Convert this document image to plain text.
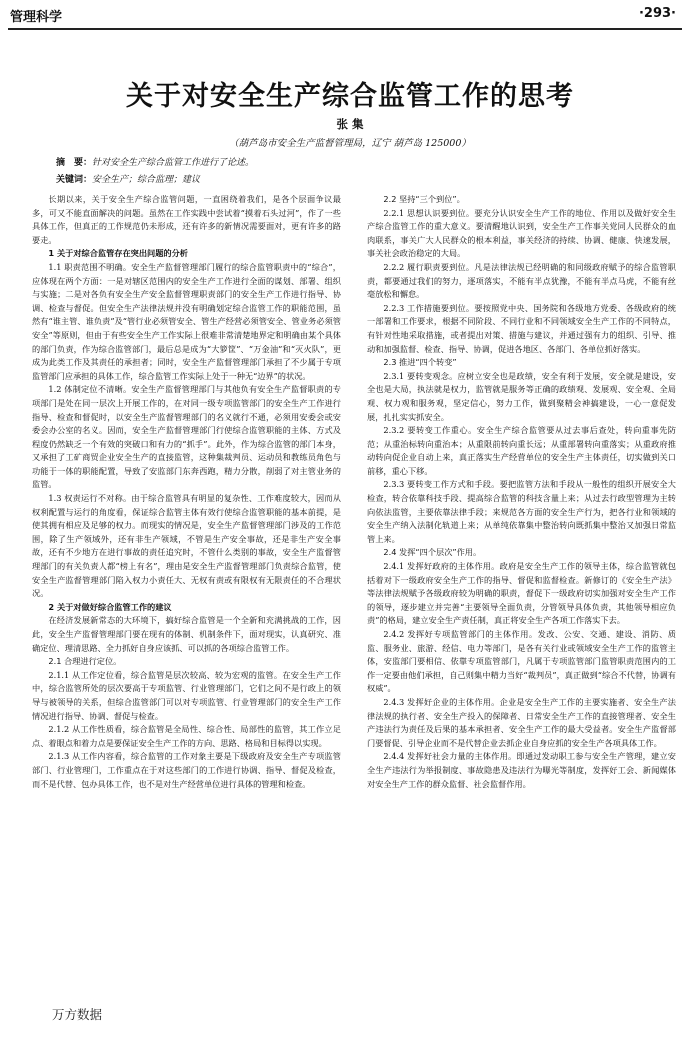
管理科学	·293·
关于对安全生产综合监管工作的思考
张 集
（葫芦岛市安全生产监督管理局，辽宁 葫芦岛 125000）
摘　要：针对安全生产综合监管工作进行了论述。
关键词：安全生产；综合监理；建议

长期以来，关于安全生产综合监管问题，一直困绕着我们，是各个层面争议最多，可又不能直面解决的问题。虽然在工作实践中尝试着“摸着石头过河”，作了一些具体工作，但真正的工作规范仍未形成，还有许多的新情况需要面对，更有许多的路要走。

1 关于对综合监管存在突出问题的分析

1.1 职责范围不明确。安全生产监督管理部门履行的综合监管职责中的“综合”，应体现在两个方面：一是对辖区范围内的安全生产工作进行全面的谋划、部署、组织与实施；二是对各负有安全生产安全监督管理职责部门的安全生产工作进行指导、协调、检查与督促。但安全生产法律法规并没有明确划定综合监管工作的职能范围，虽然有“谁主管、谁负责”及“管行业必须管安全、管生产经营必须管安全、管业务必须管安全”等原则，但由于有些安全生产工作实际上很难非常清楚地界定和明确由某个具体的部门负责，作为综合监管部门，最后总是成为“大箩筐”、“万金油”和“灭火队”，更成为此类工作及其责任的承担者；同时，安全生产监督管理部门承担了不少属于专项监管部门应承担的具体工作，综合监管工作实际上处于一种无“边界”的状况。

1.2 体制定位不清晰。安全生产监督管理部门与其他负有安全生产监督职责的专项部门是处在同一层次上开展工作的，在对同一级专项监管部门的安全生产工作进行指导、检查和督促时，以安全生产监督管理部门的名义就行不通，必须用安委会或安委会办公室的名义。因而，安全生产监督管理部门行使综合监管职能的主体、方式及程度仍然缺乏一个有效的突破口和有力的“抓手”。此外，作为综合监管的部门本身，又承担了工矿商贸企业安全生产的直接监管，这种集裁判员、运动员和教练员角色与功能于一体的职能配置，导致了安监部门东奔西跑，精力分散，削弱了对主管业务的监管。

1.3 权责运行不对称。由于综合监管具有明显的复杂性、工作难度较大，因而从权利配置与运行的角度看，保证综合监管主体有效行使综合监管职能的基本前提，是使其拥有相应及足够的权力。而现实的情况是，安全生产监督管理部门涉及的工作范围，除了生产领域外，还有非生产领域，不管是生产安全事故，还是非生产安全事故，还有不少地方在进行事故的责任追究时，不管什么类别的事故，安全生产监督管理部门的有关负责人都“榜上有名”，理由是安全生产监督管理部门负责综合监管，使安全生产监督管理部门陷入权力小责任大、无权有责或有限权有无限责任的不合理状况。

2 关于对做好综合监管工作的建议

在经济发展新常态的大环境下，搞好综合监管是一个全新和充满挑战的工作，因此，安全生产监督管理部门要在现有的体制、机制条件下，面对现实，认真研究、准确定位、理清思路、全力抓好自身应该抓、可以抓的各项综合监管工作。

2.1 合理进行定位。

2.1.1 从工作定位看，综合监管是层次较高、较为宏观的监管。在安全生产工作中，综合监管所处的层次要高于专项监管、行业管理部门，它们之间不是行政上的领导与被领导的关系，但综合监管部门可以对专项监管、行业管理部门的安全生产工作情况进行指导、协调、督促与检查。

2.1.2 从工作性质看，综合监管是全局性、综合性、局部性的监管，其工作立足点、着眼点和着力点是要保证安全生产工作的方向、思路、格局和目标得以实现。

2.1.3 从工作内容看，综合监管的工作对象主要是下级政府及安全生产专项监管部门、行业管理门，工作重点在于对这些部门的工作进行协调、指导、督促及检查，而不是代替、包办具体工作，也不是对生产经营单位进行具体的管理和检查。

2.2 坚持“三个到位”。

2.2.1 思想认识要到位。要充分认识安全生产工作的地位、作用以及做好安全生产综合监管工作的重大意义。要清醒地认识到，安全生产工作事关党同人民群众的血肉联系，事关广大人民群众的根本利益，事关经济的持续、协调、健康、快速发展，事关社会政治稳定的大局。

2.2.2 履行职责要到位。凡是法律法规已经明确的和同级政府赋予的综合监管职责，都要通过我们的努力，逐项落实，不能有半点犹豫，不能有半点马虎，不能有丝毫放松和懈怠。

2.2.3 工作措施要到位。要按照党中央、国务院和各级地方党委、各级政府的统一部署和工作要求，根据不同阶段、不同行业和不同领域安全生产工作的不同特点，有针对性地采取措施，或者提出对策、措施与建议，并通过强有力的组织、引导、推动和加强监督、检查、指导、协调，促进各地区、各部门、各单位抓好落实。

2.3 推进“四个转变”

2.3.1 要转变观念。应树立安全也是政绩，安全有利于发展，安全就是建设，安全也是大局，执法就是权力，监管就是服务等正确的政绩观、发展观、安全观、全局观、权力观和服务观，坚定信心，努力工作，做到聚精会神搞建设，一心一意促发展，扎扎实实抓安全。

2.3.2 要转变工作重心。安全生产综合监管要从过去事后查处，转向重事先防范；从重治标转向重治本；从重限前转向重长远；从重部署转向重落实；从重政府推动转向促企业自动上来，真正落实生产经营单位的安全生产主体责任，切实做到关口前移，重心下移。

2.3.3 要转变工作方式和手段。要把监管方法和手段从一般性的组织开展安全大检查，转合依靠科技手段、提高综合监管的科技含量上来；从过去行政型管理为主转向依法监管，主要依靠法律手段；来规范各方面的安全生产行为，把各行业和领域的安全生产纳入法制化轨道上来；从单纯依靠集中整治转向既抓集中整治又加强日常监管上来。

2.4 发挥“四个层次”作用。

2.4.1 发挥好政府的主体作用。政府是安全生产工作的领导主体，综合监管就包括着对下一级政府安全生产工作的指导、督促和监督检查。新修订的《安全生产法》等法律法规赋予各级政府较为明确的职责，督促下一级政府切实加强对安全生产工作的领导，逐步建立并完善“主要领导全面负责，分管领导具体负责，其他领导相应负责”的格局，建立安全生产责任制，真正将安全生产各项工作落实下去。

2.4.2 发挥好专项监管部门的主体作用。发改、公安、交通、建设、消防、质监、服务业、旅游、经信、电力等部门，是各有关行业或领域安全生产工作的监管主体，安监部门要相信、依靠专项监管部门，凡属于专项监管部门监管职责范围内的工作一定要由他们承担，自己则集中精力当好“裁判员”，真正做到“综合不代替，协调有权威”。

2.4.3 发挥好企业的主体作用。企业是安全生产工作的主要实施者、安全生产法律法规的执行者、安全生产投入的保障者、日常安全生产工作的直接管理者、安全生产违法行为责任及后果的基本承担者、安全生产工作的最大受益者。安全生产监督部门要督促、引导企业而不是代替企业去抓企业自身应抓的安全生产各项具体工作。

2.4.4 发挥好社会力量的主体作用。即通过发动职工参与安全生产管理，建立安全生产违法行为举报制度、事故隐患及违法行为曝光等制度，发挥好工会、新闻媒体对安全生产工作的群众监督、社会监督作用。

万方数据
